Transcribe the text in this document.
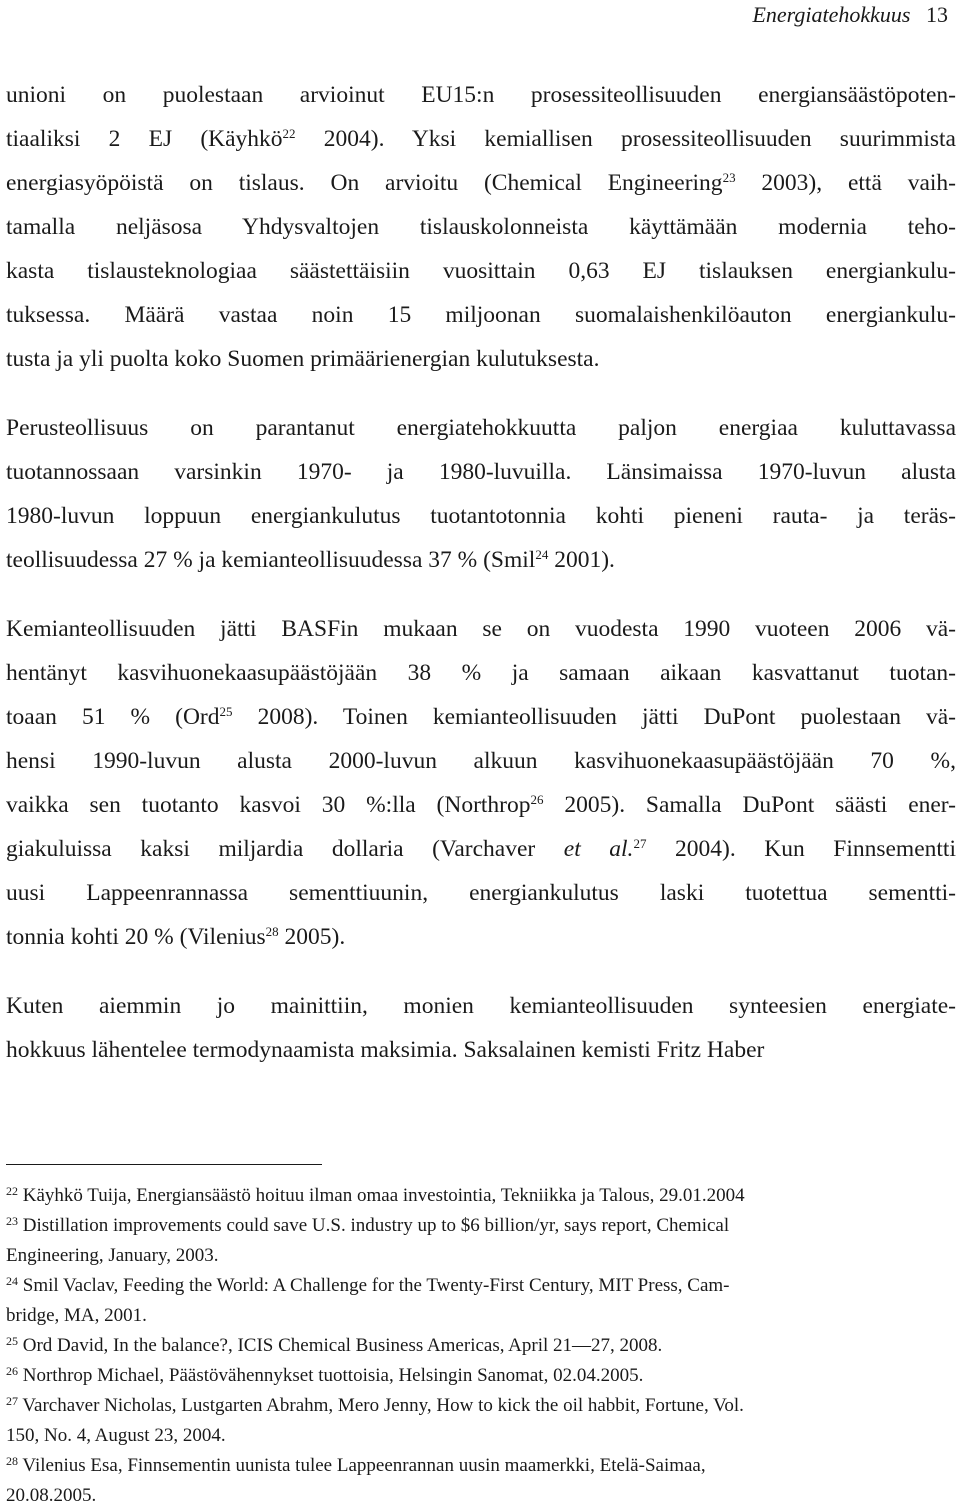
Energiatehokkuus 13

unioni on puolestaan arvioinut EU15:n prosessiteollisuuden energiansäästöpoten-
tiaaliksi 2 EJ (Käyhkö$^{22}$ 2004). Yksi kemiallisen prosessiteollisuuden suurimmista
energiasyöpöistä on tislaus. On arvioitu (Chemical Engineering$^{23}$ 2003), että vaih-
tamalla neljäsosa Yhdysvaltojen tislauskolonneista käyttämään modernia teho-
kasta tislausteknologiaa säästettäisiin vuosittain 0,63 EJ tislauksen energiankulu-
tuksessa. Määrä vastaa noin 15 miljoonan suomalaishenkilöauton energiankulu-
tusta ja yli puolta koko Suomen primäärienergian kulutuksesta.

Perusteollisuus on parantanut energiatehokkuutta paljon energiaa kuluttavassa
tuotannossaan varsinkin 1970- ja 1980-luvuilla. Länsimaissa 1970-luvun alusta
1980-luvun loppuun energiankulutus tuotantotonnia kohti pieneni rauta- ja teräs-
teollisuudessa 27 % ja kemianteollisuudessa 37 % (Smil$^{24}$ 2001).

Kemianteollisuuden jätti BASFin mukaan se on vuodesta 1990 vuoteen 2006 vä-
hentänyt kasvihuonekaasupäästöjään 38 % ja samaan aikaan kasvattanut tuotan-
toaan 51 % (Ord$^{25}$ 2008). Toinen kemianteollisuuden jätti DuPont puolestaan vä-
hensi 1990-luvun alusta 2000-luvun alkuun kasvihuonekaasupäästöjään 70 %,
vaikka sen tuotanto kasvoi 30 %:lla (Northrop$^{26}$ 2005). Samalla DuPont säästi ener-
giakuluissa kaksi miljardia dollaria (Varchaver et al.$^{27}$ 2004). Kun Finnsementti
uusi Lappeenrannassa sementtiuunin, energiankulutus laski tuotettua sementti-
tonnia kohti 20 % (Vilenius$^{28}$ 2005).

Kuten aiemmin jo mainittiin, monien kemianteollisuuden synteesien energiate-
hokkuus lähentelee termodynaamista maksimia. Saksalainen kemisti Fritz Haber

$^{22}$ Käyhkö Tuija, Energiansäästö hoituu ilman omaa investointia, Tekniikka ja Talous, 29.01.2004

$^{23}$ Distillation improvements could save U.S. industry up to $6 billion/yr, says report, Chemical
Engineering, January, 2003.

$^{24}$ Smil Vaclav, Feeding the World: A Challenge for the Twenty-First Century, MIT Press, Cam-
bridge, MA, 2001.

$^{25}$ Ord David, In the balance?, ICIS Chemical Business Americas, April 21—27, 2008.

$^{26}$ Northrop Michael, Päästövähennykset tuottoisia, Helsingin Sanomat, 02.04.2005.

$^{27}$ Varchaver Nicholas, Lustgarten Abrahm, Mero Jenny, How to kick the oil habbit, Fortune, Vol.
150, No. 4, August 23, 2004.

$^{28}$ Vilenius Esa, Finnsementin uunista tulee Lappeenrannan uusin maamerkki, Etelä-Saimaa,
20.08.2005.
